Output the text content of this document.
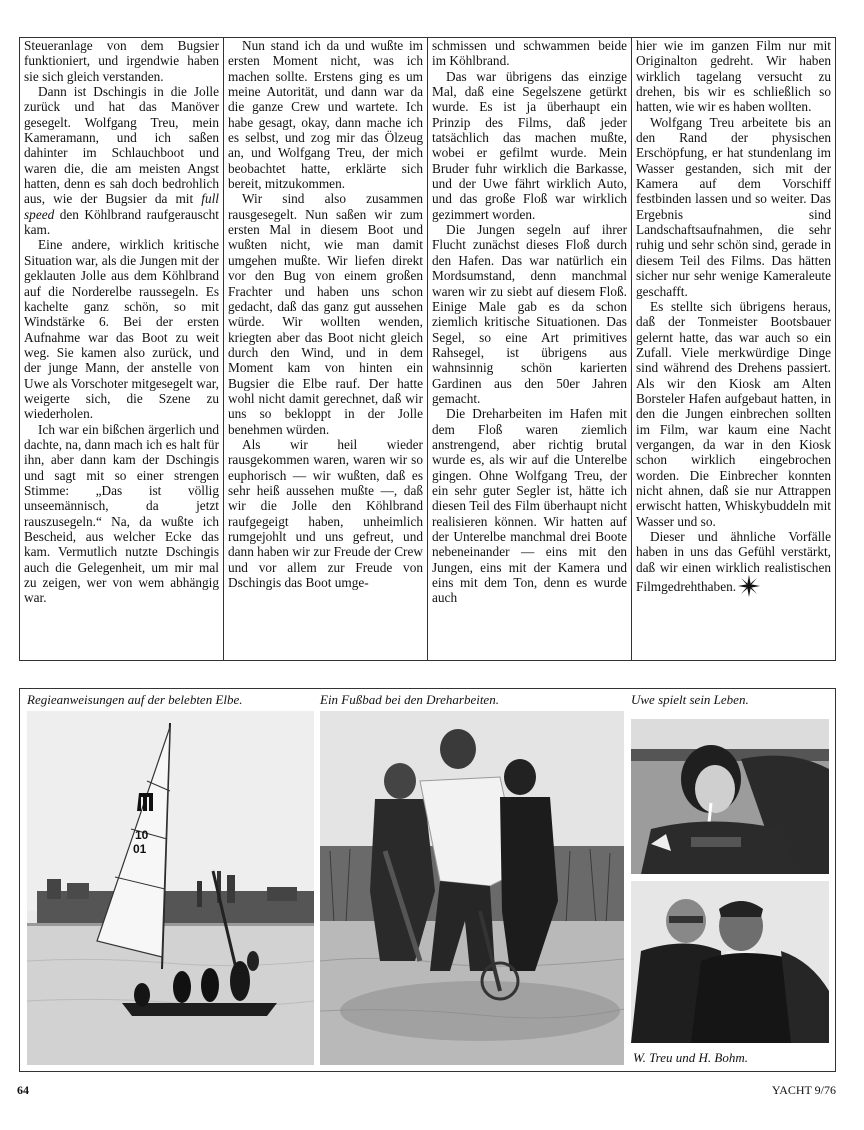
Steueranlage von dem Bugsier funktioniert, und irgendwie haben sie sich gleich verstanden.

Dann ist Dschingis in die Jolle zurück und hat das Manöver gesegelt. Wolfgang Treu, mein Kameramann, und ich saßen dahinter im Schlauchboot und waren die, die am meisten Angst hatten, denn es sah doch bedrohlich aus, wie der Bugsier da mit full speed den Köhlbrand raufgerauscht kam.

Eine andere, wirklich kritische Situation war, als die Jungen mit der geklauten Jolle aus dem Köhlbrand auf die Norderelbe raussegeln. Es kachelte ganz schön, so mit Windstärke 6. Bei der ersten Aufnahme war das Boot zu weit weg. Sie kamen also zurück, und der junge Mann, der anstelle von Uwe als Vorschoter mitgesegelt war, weigerte sich, die Szene zu wiederholen.

Ich war ein bißchen ärgerlich und dachte, na, dann mach ich es halt für ihn, aber dann kam der Dschingis und sagt mit so einer strengen Stimme: „Das ist völlig unseemännisch, da jetzt rauszusegeln.“ Na, da wußte ich Bescheid, aus welcher Ecke das kam. Vermutlich nutzte Dschingis auch die Gelegenheit, um mir mal zu zeigen, wer von wem abhängig war.

Nun stand ich da und wußte im ersten Moment nicht, was ich machen sollte. Erstens ging es um meine Autorität, und dann war da die ganze Crew und wartete. Ich habe gesagt, okay, dann mache ich es selbst, und zog mir das Ölzeug an, und Wolfgang Treu, der mich beobachtet hatte, erklärte sich bereit, mitzukommen.

Wir sind also zusammen rausgesegelt. Nun saßen wir zum ersten Mal in diesem Boot und wußten nicht, wie man damit umgehen mußte. Wir liefen direkt vor den Bug von einem großen Frachter und haben uns schon gedacht, daß das ganz gut aussehen würde. Wir wollten wenden, kriegten aber das Boot nicht gleich durch den Wind, und in dem Moment kam von hinten ein Bugsier die Elbe rauf. Der hatte wohl nicht damit gerechnet, daß wir uns so bekloppt in der Jolle benehmen würden.

Als wir heil wieder rausgekommen waren, waren wir so euphorisch — wir wußten, daß es sehr heiß aussehen mußte —, daß wir die Jolle den Köhlbrand raufgegeigt haben, unheimlich rumgejohlt und uns gefreut, und dann haben wir zur Freude der Crew und vor allem zur Freude von Dschingis das Boot umge-

schmissen und schwammen beide im Köhlbrand.

Das war übrigens das einzige Mal, daß eine Segelszene getürkt wurde. Es ist ja überhaupt ein Prinzip des Films, daß jeder tatsächlich das machen mußte, wobei er gefilmt wurde. Mein Bruder fuhr wirklich die Barkasse, und der Uwe fährt wirklich Auto, und das große Floß war wirklich gezimmert worden.

Die Jungen segeln auf ihrer Flucht zunächst dieses Floß durch den Hafen. Das war natürlich ein Mordsumstand, denn manchmal waren wir zu siebt auf diesem Floß. Einige Male gab es da schon ziemlich kritische Situationen. Das Segel, so eine Art primitives Rahsegel, ist übrigens aus wahnsinnig schön karierten Gardinen aus den 50er Jahren gemacht.

Die Dreharbeiten im Hafen mit dem Floß waren ziemlich anstrengend, aber richtig brutal wurde es, als wir auf die Unterelbe gingen. Ohne Wolfgang Treu, der ein sehr guter Segler ist, hätte ich diesen Teil des Film überhaupt nicht realisieren können. Wir hatten auf der Unterelbe manchmal drei Boote nebeneinander — eins mit den Jungen, eins mit der Kamera und eins mit dem Ton, denn es wurde auch

hier wie im ganzen Film nur mit Originalton gedreht. Wir haben wirklich tagelang versucht zu drehen, bis wir es schließlich so hatten, wie wir es haben wollten.

Wolfgang Treu arbeitete bis an den Rand der physischen Erschöpfung, er hat stundenlang im Wasser gestanden, sich mit der Kamera auf dem Vorschiff festbinden lassen und so weiter. Das Ergebnis sind Landschaftsaufnahmen, die sehr ruhig und sehr schön sind, gerade in diesem Teil des Films. Das hätten sicher nur sehr wenige Kameraleute geschafft.

Es stellte sich übrigens heraus, daß der Tonmeister Bootsbauer gelernt hatte, das war auch so ein Zufall. Viele merkwürdige Dinge sind während des Drehens passiert. Als wir den Kiosk am Alten Borsteler Hafen aufgebaut hatten, in den die Jungen einbrechen sollten im Film, war kaum eine Nacht vergangen, da war in den Kiosk schon wirklich eingebrochen worden. Die Einbrecher konnten nicht ahnen, daß sie nur Attrappen erwischt hatten, Whiskybuddeln mit Wasser und so.

Dieser und ähnliche Vorfälle haben in uns das Gefühl verstärkt, daß wir einen wirklich realistischen Filmgedrehthaben.

Regieanweisungen auf der belebten Elbe.	Ein Fußbad bei den Dreharbeiten.	Uwe spielt sein Leben.
10
01
W. Treu und H. Bohm.
64	YACHT 9/76
